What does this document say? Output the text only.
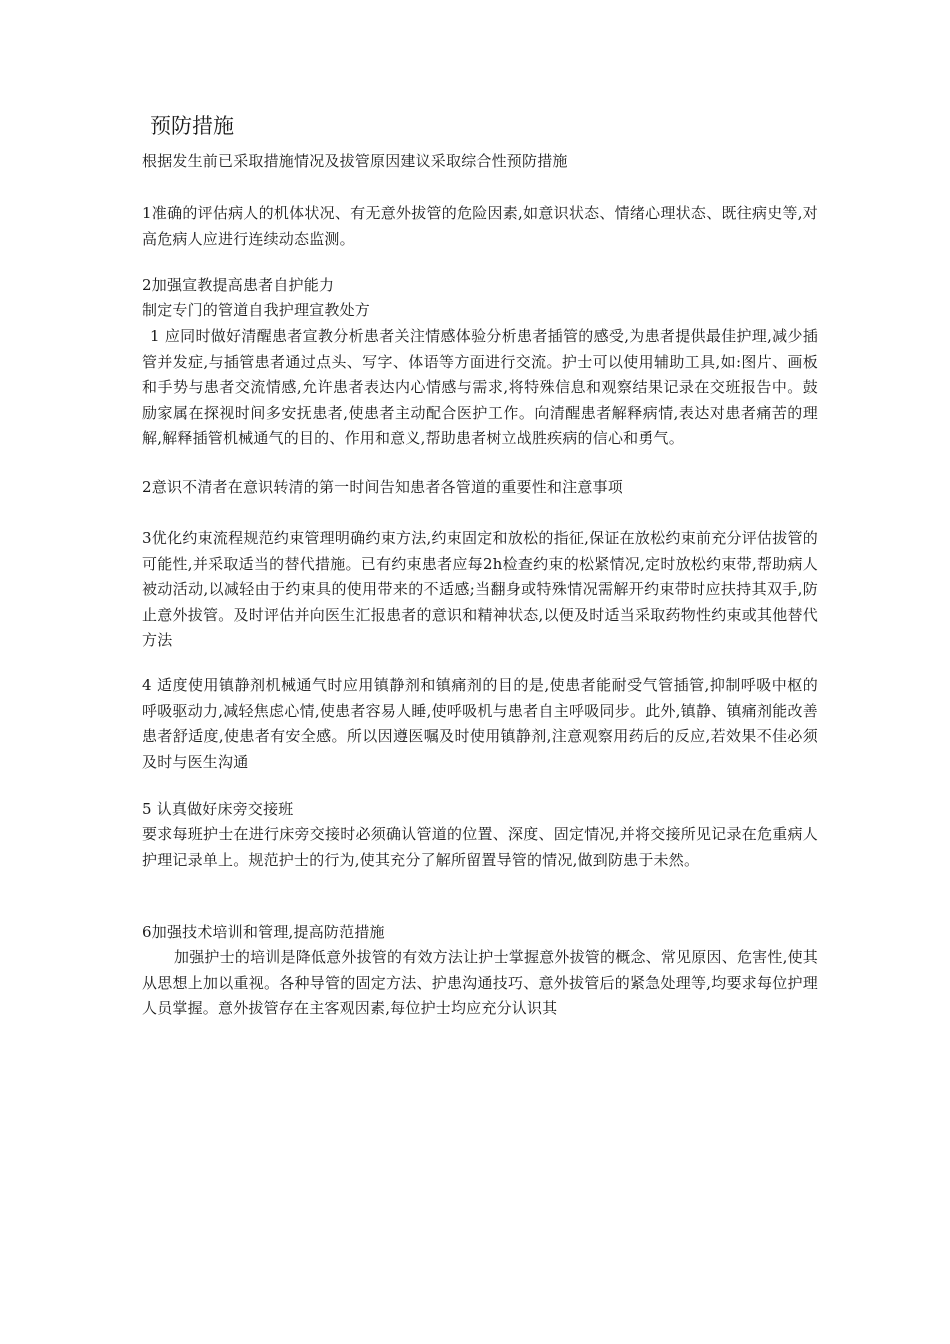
预防措施

根据发生前已采取措施情况及拔管原因建议采取综合性预防措施

1准确的评估病人的机体状况、有无意外拔管的危险因素,如意识状态、情绪心理状态、既往病史等,对高危病人应进行连续动态监测。

2加强宣教提高患者自护能力

制定专门的管道自我护理宣教处方

1 应同时做好清醒患者宣教分析患者关注情感体验分析患者插管的感受,为患者提供最佳护理,减少插管并发症,与插管患者通过点头、写字、体语等方面进行交流。护士可以使用辅助工具,如:图片、画板和手势与患者交流情感,允许患者表达内心情感与需求,将特殊信息和观察结果记录在交班报告中。鼓励家属在探视时间多安抚患者,使患者主动配合医护工作。向清醒患者解释病情,表达对患者痛苦的理解,解释插管机械通气的目的、作用和意义,帮助患者树立战胜疾病的信心和勇气。

2意识不清者在意识转清的第一时间告知患者各管道的重要性和注意事项

3优化约束流程规范约束管理明确约束方法,约束固定和放松的指征,保证在放松约束前充分评估拔管的可能性,并采取适当的替代措施。已有约束患者应每2h检查约束的松紧情况,定时放松约束带,帮助病人被动活动,以减轻由于约束具的使用带来的不适感;当翻身或特殊情况需解开约束带时应扶持其双手,防止意外拔管。及时评估并向医生汇报患者的意识和精神状态,以便及时适当采取药物性约束或其他替代方法

4 适度使用镇静剂机械通气时应用镇静剂和镇痛剂的目的是,使患者能耐受气管插管,抑制呼吸中枢的呼吸驱动力,减轻焦虑心情,使患者容易人睡,使呼吸机与患者自主呼吸同步。此外,镇静、镇痛剂能改善患者舒适度,使患者有安全感。所以因遵医嘱及时使用镇静剂,注意观察用药后的反应,若效果不佳必须及时与医生沟通

5 认真做好床旁交接班

要求每班护士在进行床旁交接时必须确认管道的位置、深度、固定情况,并将交接所见记录在危重病人护理记录单上。规范护士的行为,使其充分了解所留置导管的情况,做到防患于未然。

6加强技术培训和管理,提高防范措施

加强护士的培训是降低意外拔管的有效方法让护士掌握意外拔管的概念、常见原因、危害性,使其从思想上加以重视。各种导管的固定方法、护患沟通技巧、意外拔管后的紧急处理等,均要求每位护理人员掌握。意外拔管存在主客观因素,每位护士均应充分认识其
